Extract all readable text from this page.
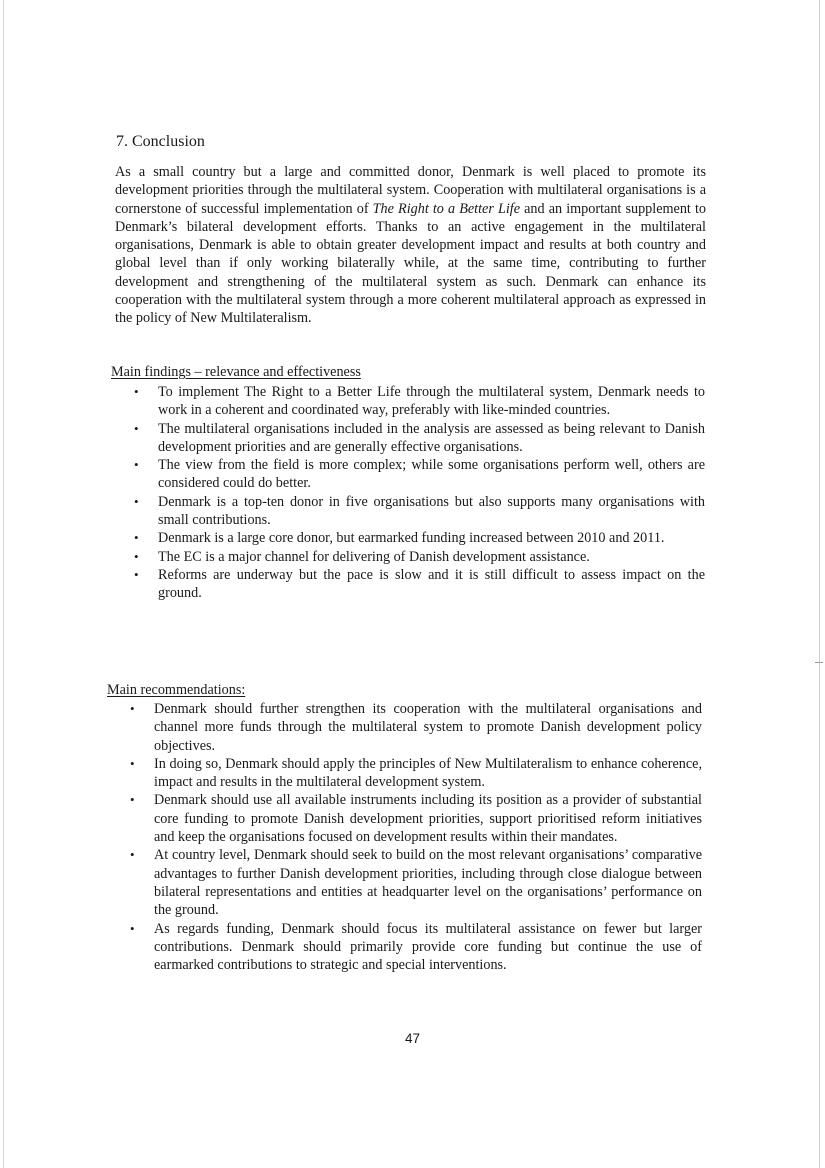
7. Conclusion

As a small country but a large and committed donor, Denmark is well placed to promote its development priorities through the multilateral system. Cooperation with multilateral organisations is a cornerstone of successful implementation of The Right to a Better Life and an important supplement to Denmark’s bilateral development efforts. Thanks to an active engagement in the multilateral organisations, Denmark is able to obtain greater development impact and results at both country and global level than if only working bilaterally while, at the same time, contributing to further development and strengthening of the multilateral system as such. Denmark can enhance its cooperation with the multilateral system through a more coherent multilateral approach as expressed in the policy of New Multilateralism.

Main findings – relevance and effectiveness

• To implement The Right to a Better Life through the multilateral system, Denmark needs to work in a coherent and coordinated way, preferably with like-minded countries.
• The multilateral organisations included in the analysis are assessed as being relevant to Danish development priorities and are generally effective organisations.
• The view from the field is more complex; while some organisations perform well, others are considered could do better.
• Denmark is a top-ten donor in five organisations but also supports many organisations with small contributions.
• Denmark is a large core donor, but earmarked funding increased between 2010 and 2011.
• The EC is a major channel for delivering of Danish development assistance.
• Reforms are underway but the pace is slow and it is still difficult to assess impact on the ground.

Main recommendations:

• Denmark should further strengthen its cooperation with the multilateral organisations and channel more funds through the multilateral system to promote Danish development policy objectives.
• In doing so, Denmark should apply the principles of New Multilateralism to enhance coherence, impact and results in the multilateral development system.
• Denmark should use all available instruments including its position as a provider of substantial core funding to promote Danish development priorities, support prioritised reform initiatives and keep the organisations focused on development results within their mandates.
• At country level, Denmark should seek to build on the most relevant organisations’ comparative advantages to further Danish development priorities, including through close dialogue between bilateral representations and entities at headquarter level on the organisations’ performance on the ground.
• As regards funding, Denmark should focus its multilateral assistance on fewer but larger contributions. Denmark should primarily provide core funding but continue the use of earmarked contributions to strategic and special interventions.

47
